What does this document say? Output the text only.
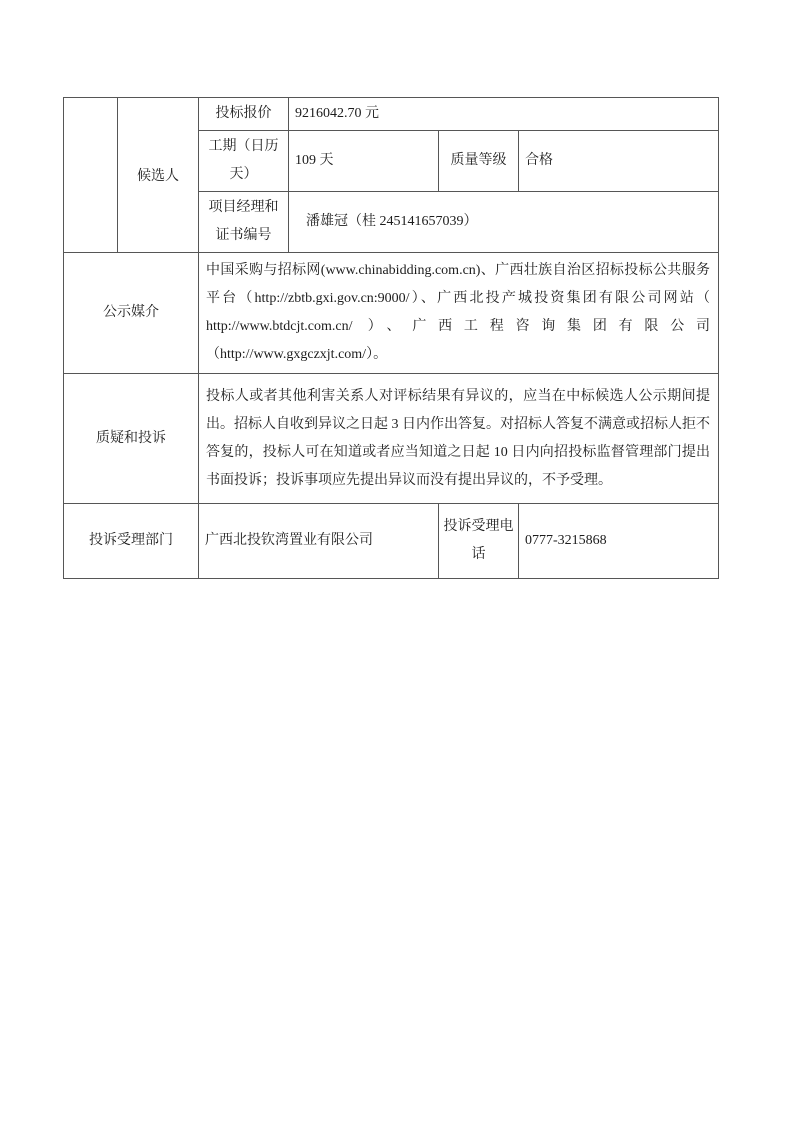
	候选人	投标报价	9216042.70 元		
		工期（日历天）	109 天	质量等级	合格
		项目经理和证书编号	潘雄冠（桂 245141657039）		
公示媒介		中国采购与招标网(www.chinabidding.com.cn)、广西壮族自治区招标投标公共服务平台（http://zbtb.gxi.gov.cn:9000/）、广西北投产城投资集团有限公司网站（ http://www.btdcjt.com.cn/ ）、广西工程咨询集团有限公司（http://www.gxgczxjt.com/）。			
质疑和投诉		投标人或者其他利害关系人对评标结果有异议的，应当在中标候选人公示期间提出。招标人自收到异议之日起 3 日内作出答复。对招标人答复不满意或招标人拒不答复的，投标人可在知道或者应当知道之日起 10 日内向招投标监督管理部门提出书面投诉；投诉事项应先提出异议而没有提出异议的，不予受理。			
投诉受理部门		广西北投钦湾置业有限公司		投诉受理电话	0777-3215868
